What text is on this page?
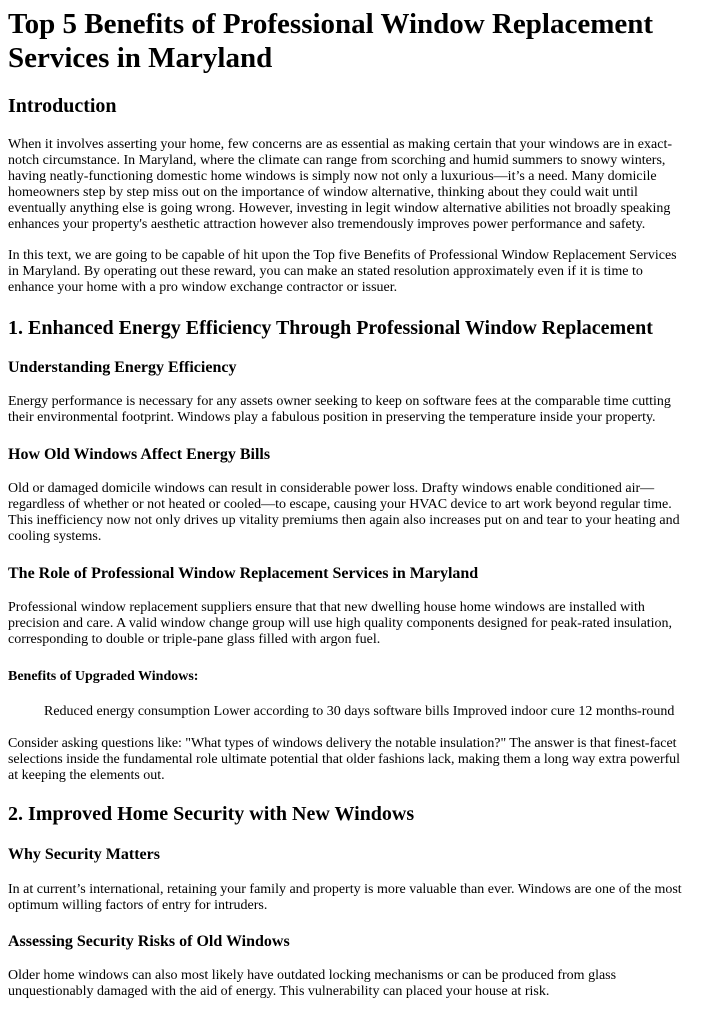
Top 5 Benefits of Professional Window Replacement
Services in Maryland
Introduction

When it involves asserting your home, few concerns are as essential as making certain that your windows are in exact-

notch circumstance. In Maryland, where the climate can range from scorching and humid summers to snowy winters,

having neatly-functioning domestic home windows is simply now not only a luxurious—it’s a need. Many domicile

homeowners step by step miss out on the importance of window alternative, thinking about they could wait until

eventually anything else is going wrong. However, investing in legit window alternative abilities not broadly speaking

enhances your property's aesthetic attraction however also tremendously improves power performance and safety.

In this text, we are going to be capable of hit upon the Top five Benefits of Professional Window Replacement Services

in Maryland. By operating out these reward, you can make an stated resolution approximately even if it is time to

enhance your home with a pro window exchange contractor or issuer.

1. Enhanced Energy Efficiency Through Professional Window Replacement
Understanding Energy Efficiency

Energy performance is necessary for any assets owner seeking to keep on software fees at the comparable time cutting

their environmental footprint. Windows play a fabulous position in preserving the temperature inside your property.

How Old Windows Affect Energy Bills

Old or damaged domicile windows can result in considerable power loss. Drafty windows enable conditioned air—

regardless of whether or not heated or cooled—to escape, causing your HVAC device to art work beyond regular time.

This inefficiency now not only drives up vitality premiums then again also increases put on and tear to your heating and

cooling systems.

The Role of Professional Window Replacement Services in Maryland

Professional window replacement suppliers ensure that that new dwelling house home windows are installed with

precision and care. A valid window change group will use high quality components designed for peak-rated insulation,

corresponding to double or triple-pane glass filled with argon fuel.

Benefits of Upgraded Windows:

Reduced energy consumption Lower according to 30 days software bills Improved indoor cure 12 months-round

Consider asking questions like: "What types of windows delivery the notable insulation?" The answer is that finest-facet

selections inside the fundamental role ultimate potential that older fashions lack, making them a long way extra powerful

at keeping the elements out.

2. Improved Home Security with New Windows
Why Security Matters

In at current’s international, retaining your family and property is more valuable than ever. Windows are one of the most

optimum willing factors of entry for intruders.

Assessing Security Risks of Old Windows

Older home windows can also most likely have outdated locking mechanisms or can be produced from glass

unquestionably damaged with the aid of energy. This vulnerability can placed your house at risk.
